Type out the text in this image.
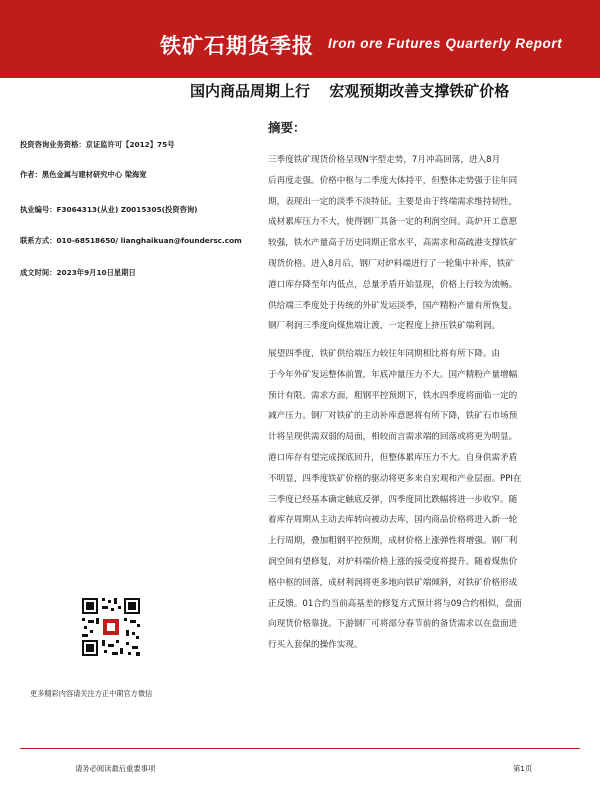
铁矿石期货季报 Iron ore Futures Quarterly Report
国内商品周期上行 宏观预期改善支撑铁矿价格
摘要：
投资咨询业务资格：京证监许可【2012】75号
作者：黑色金属与建材研究中心 梁海宽
执业编号：F3064313(从业) Z0015305(投资咨询)
联系方式：010-68518650/ lianghaikuan@foundersc.com
成文时间：2023年9月10日星期日
三季度铁矿现货价格呈现N字型走势，7月冲高回落，进入8月
后再度走强。价格中枢与二季度大体持平，但整体走势强于往年同
期，表现出一定的淡季不淡特征。主要是由于终端需求维持韧性，
成材累库压力不大，使得钢厂具备一定的利润空间。高炉开工意愿
较强，铁水产量高于历史同期正常水平，高需求和高疏港支撑铁矿
现货价格。进入8月后，钢厂对炉料端进行了一轮集中补库，铁矿
港口库存降至年内低点，总量矛盾开始显现，价格上行较为流畅。
供给端三季度处于传统的外矿发运淡季，国产精粉产量有所恢复。
钢厂利润三季度向煤焦端让渡，一定程度上挤压铁矿端利润。
展望四季度，铁矿供给端压力较往年同期相比将有所下降。由
于今年外矿发运整体前置，年底冲量压力不大。国产精粉产量增幅
预计有限。需求方面，粗钢平控预期下，铁水四季度将面临一定的
减产压力。钢厂对铁矿的主动补库意愿将有所下降，铁矿石市场预
计将呈现供需双弱的局面，相较而言需求端的回落或将更为明显。
港口库存有望完成探底回升，但整体累库压力不大。自身供需矛盾
不明显，四季度铁矿价格的驱动将更多来自宏观和产业层面。PPI在
三季度已经基本确定触底反弹，四季度同比跌幅将进一步收窄。随
着库存周期从主动去库转向被动去库，国内商品价格将进入新一轮
上行周期，叠加粗钢平控预期，成材价格上涨弹性将增强。钢厂利
润空间有望修复，对炉料端价格上涨的接受度将提升。随着煤焦价
格中枢的回落，成材利润将更多地向铁矿端倾斜，对铁矿价格形成
正反馈。01合约当前高基差的修复方式预计将与09合约相似，盘面
向现货价格靠拢。下游钢厂可将部分春节前的备货需求以在盘面进
行买入套保的操作实现。
更多精彩内容请关注方正中期官方微信
请务必阅读最后重要事项	第1页
